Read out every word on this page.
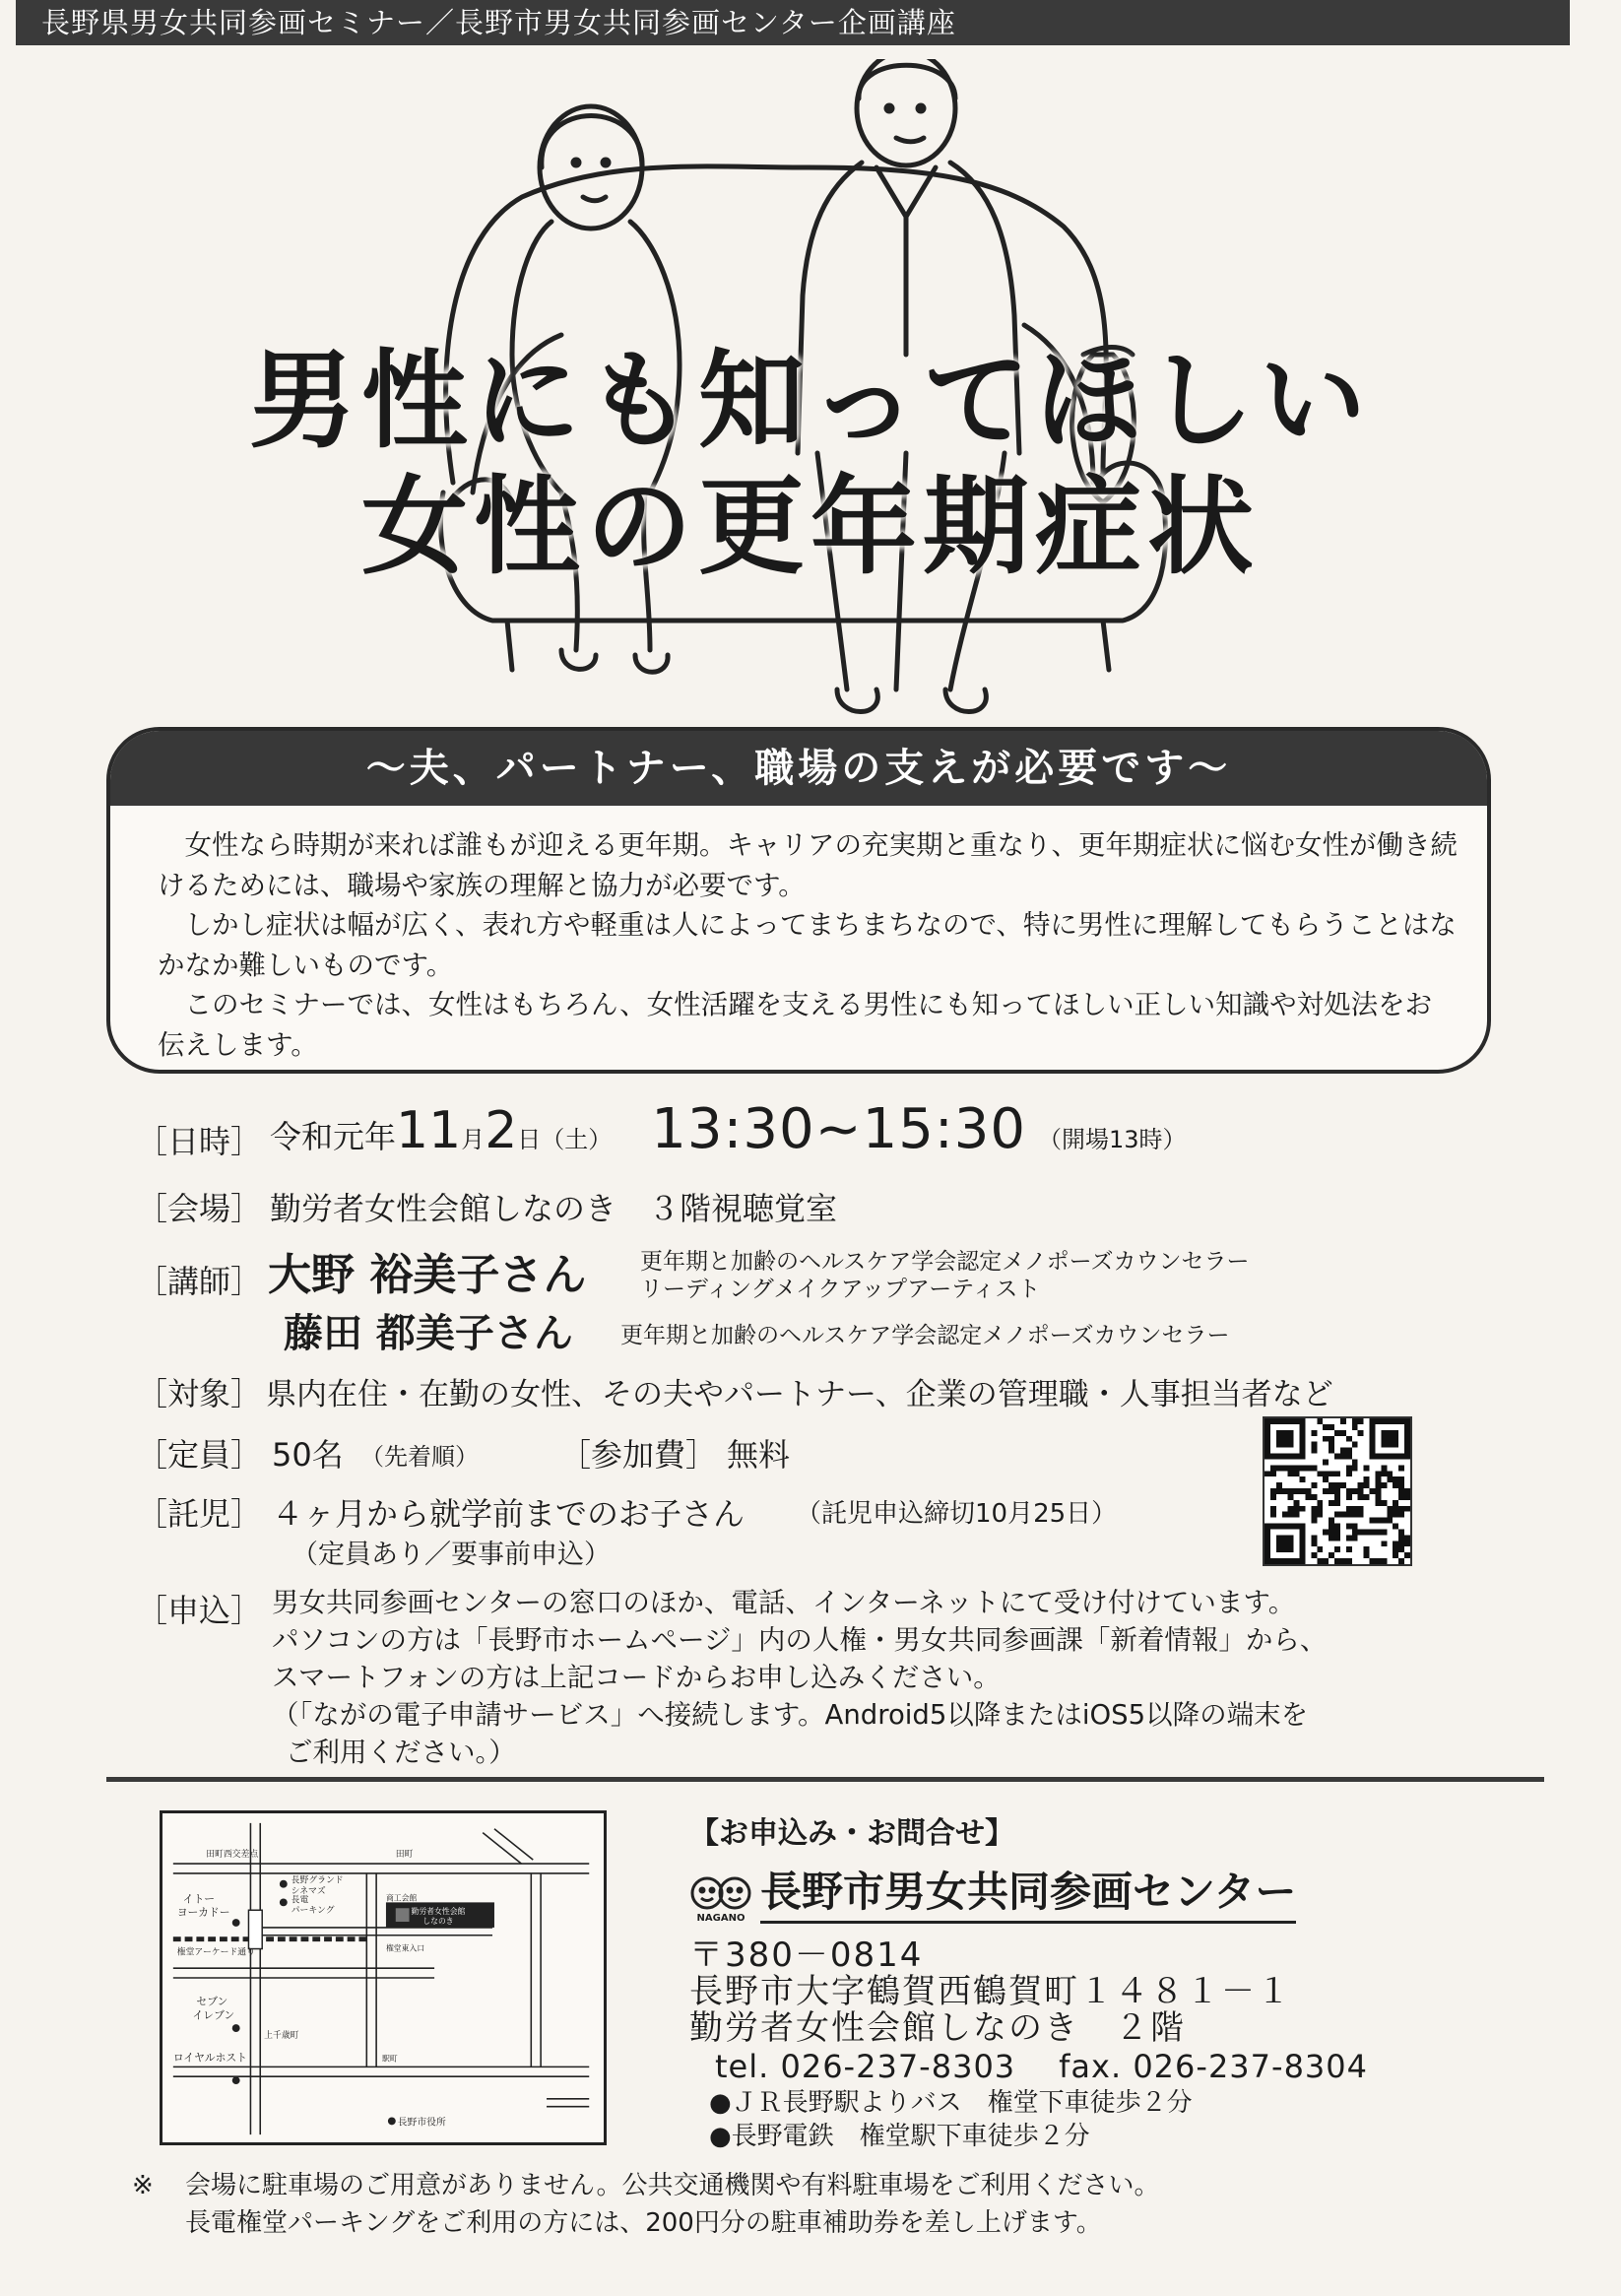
長野県男女共同参画セミナー／長野市男女共同参画センター企画講座
男性にも知ってほしい
女性の更年期症状
～夫、パートナー、職場の支えが必要です～

女性なら時期が来れば誰もが迎える更年期。キャリアの充実期と重なり、更年期症状に悩む女性が働き続けるためには、職場や家族の理解と協力が必要です。

しかし症状は幅が広く、表れ方や軽重は人によってまちまちなので、特に男性に理解してもらうことはなかなか難しいものです。

このセミナーでは、女性はもちろん、女性活躍を支える男性にも知ってほしい正しい知識や対処法をお伝えします。

［日時］ 令和元年 11 月 2 日（土） 13:30~15:30 （開場13時）
［会場］ 勤労者女性会館しなのき　３階視聴覚室
［講師］ 大野 裕美子さん 更年期と加齢のヘルスケア学会認定メノポーズカウンセラー
リーディングメイクアップアーティスト
藤田 都美子さん 更年期と加齢のヘルスケア学会認定メノポーズカウンセラー
［対象］ 県内在住・在勤の女性、その夫やパートナー、企業の管理職・人事担当者など
［定員］ 50名 （先着順）	［参加費］ 無料
［託児］ ４ヶ月から就学前までのお子さん （託児申込締切10月25日）
（定員あり／要事前申込）
［申込］ 男女共同参画センターの窓口のほか、電話、インターネットにて受け付けています。
パソコンの方は「長野市ホームページ」内の人権・男女共同参画課「新着情報」から、
スマートフォンの方は上記コードからお申し込みください。
（「ながの電子申請サービス」へ接続します。Android5以降またはiOS5以降の端末を
ご利用ください。）
田町西交差点	田町
イトー
ヨーカドー
長野グランド
シネマズ
長電
パーキング	勤労者女性会館
しなのき
商工会館
権堂アーケード通り	権堂東入口
セブン
イレブン
上千歳町
ロイヤルホスト	駅町
長野市役所
【お申込み・お問合せ】
NAGANO
長野市男女共同参画センター
〒380－0814
長野市大字鶴賀西鶴賀町１４８１－１
勤労者女性会館しなのき　２階
tel. 026-237-8303 fax. 026-237-8304
●ＪＲ長野駅よりバス　権堂下車徒歩２分
●長野電鉄　権堂駅下車徒歩２分
※	会場に駐車場のご用意がありません。公共交通機関や有料駐車場をご利用ください。
長電権堂パーキングをご利用の方には、200円分の駐車補助券を差し上げます。
